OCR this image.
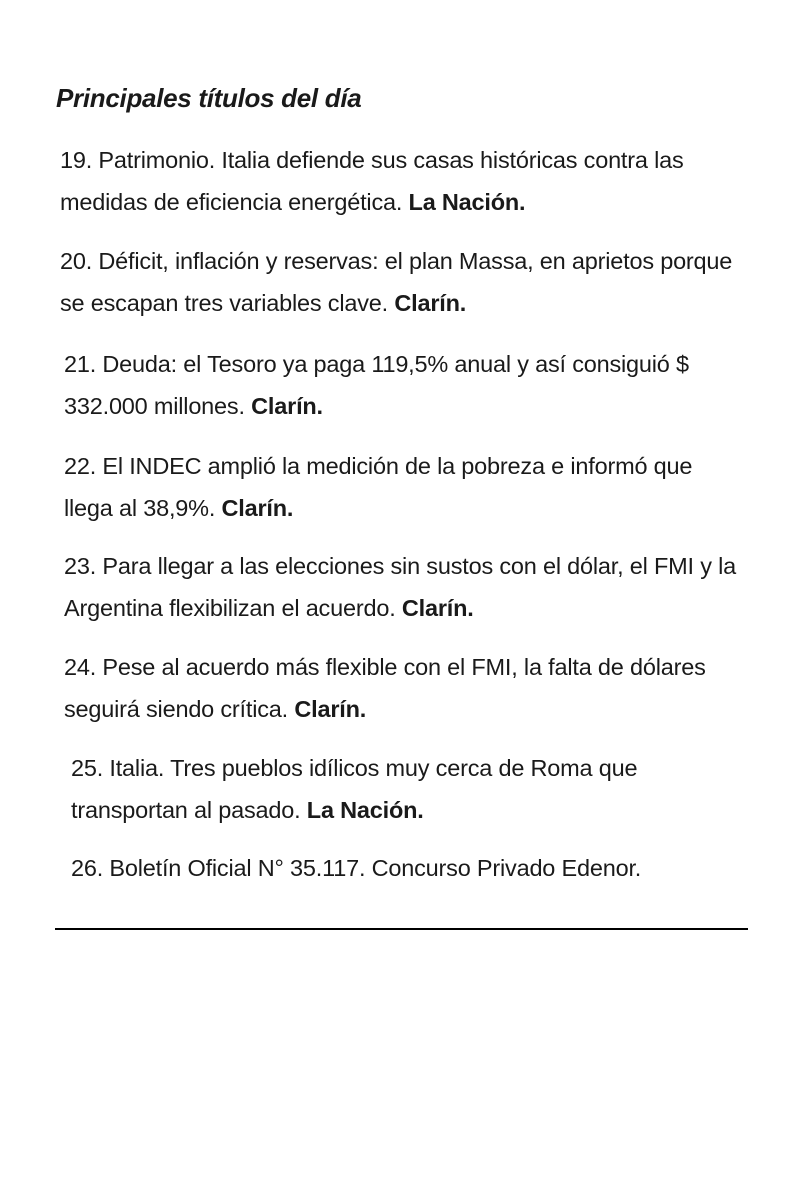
Principales títulos del día

19. Patrimonio. Italia defiende sus casas históricas contra las medidas de eficiencia energética. La Nación.

20. Déficit, inflación y reservas: el plan Massa, en aprietos porque se escapan tres variables clave. Clarín.

21. Deuda: el Tesoro ya paga 119,5% anual y así consiguió $ 332.000 millones. Clarín.

22. El INDEC amplió la medición de la pobreza e informó que llega al 38,9%. Clarín.

23. Para llegar a las elecciones sin sustos con el dólar, el FMI y la Argentina flexibilizan el acuerdo. Clarín.

24. Pese al acuerdo más flexible con el FMI, la falta de dólares seguirá siendo crítica. Clarín.

25. Italia. Tres pueblos idílicos muy cerca de Roma que transportan al pasado. La Nación.

26. Boletín Oficial N° 35.117. Concurso Privado Edenor.
